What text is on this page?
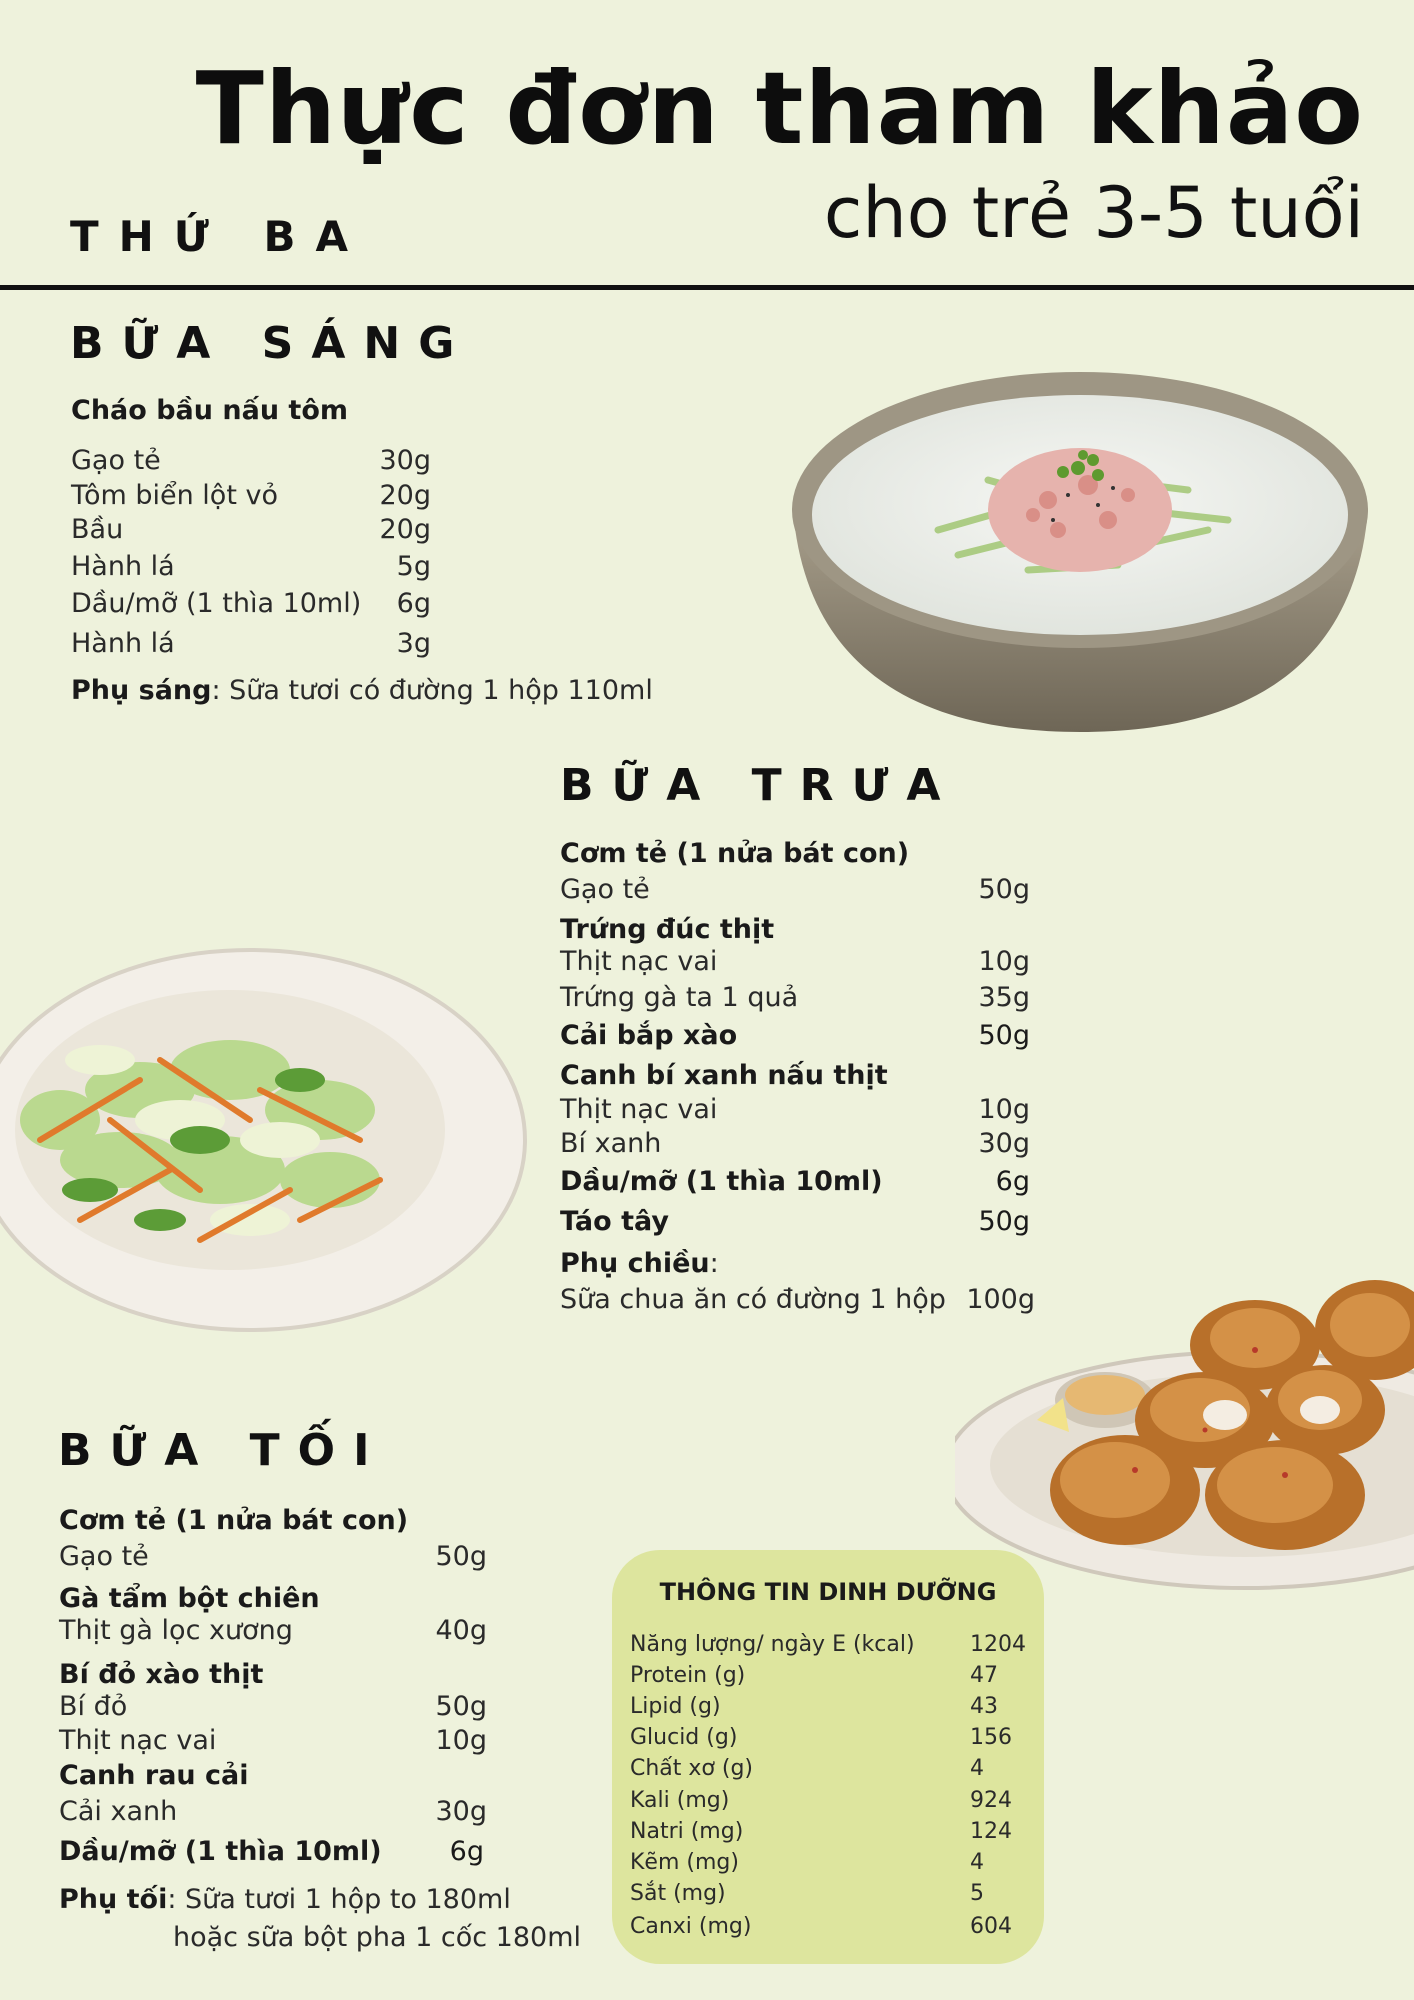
Thực đơn tham khảo
cho trẻ 3-5 tuổi
THỨ BA
BỮA SÁNG
Cháo bầu nấu tôm
Gạo tẻ	30g
Tôm biển lột vỏ	20g
Bầu	20g
Hành lá	5g
Dầu/mỡ (1 thìa 10ml) 6g
Hành lá	3g
Phụ sáng: Sữa tươi có đường 1 hộp 110ml
BỮA TRƯA
Cơm tẻ (1 nửa bát con)
Gạo tẻ	50g
Trứng đúc thịt
Thịt nạc vai	10g
Trứng gà ta 1 quả	35g
Cải bắp xào	50g
Canh bí xanh nấu thịt
Thịt nạc vai	10g
Bí xanh	30g
Dầu/mỡ (1 thìa 10ml)	6g
Táo tây	50g
Phụ chiều:
Sữa chua ăn có đường 1 hộp 100g
BỮA TỐI
Cơm tẻ (1 nửa bát con)
Gạo tẻ	50g
Gà tẩm bột chiên
Thịt gà lọc xương	40g
Bí đỏ xào thịt
Bí đỏ	50g
Thịt nạc vai	10g
Canh rau cải
Cải xanh	30g
Dầu/mỡ (1 thìa 10ml)	6g
Phụ tối: Sữa tươi 1 hộp to 180ml
hoặc sữa bột pha 1 cốc 180ml
THÔNG TIN DINH DƯỠNG
Năng lượng/ ngày E (kcal)	1204
Protein (g)	47
Lipid (g)	43
Glucid (g)	156
Chất xơ (g)	4
Kali (mg)	924
Natri (mg)	124
Kẽm (mg)	4
Sắt (mg)	5
Canxi (mg)	604
